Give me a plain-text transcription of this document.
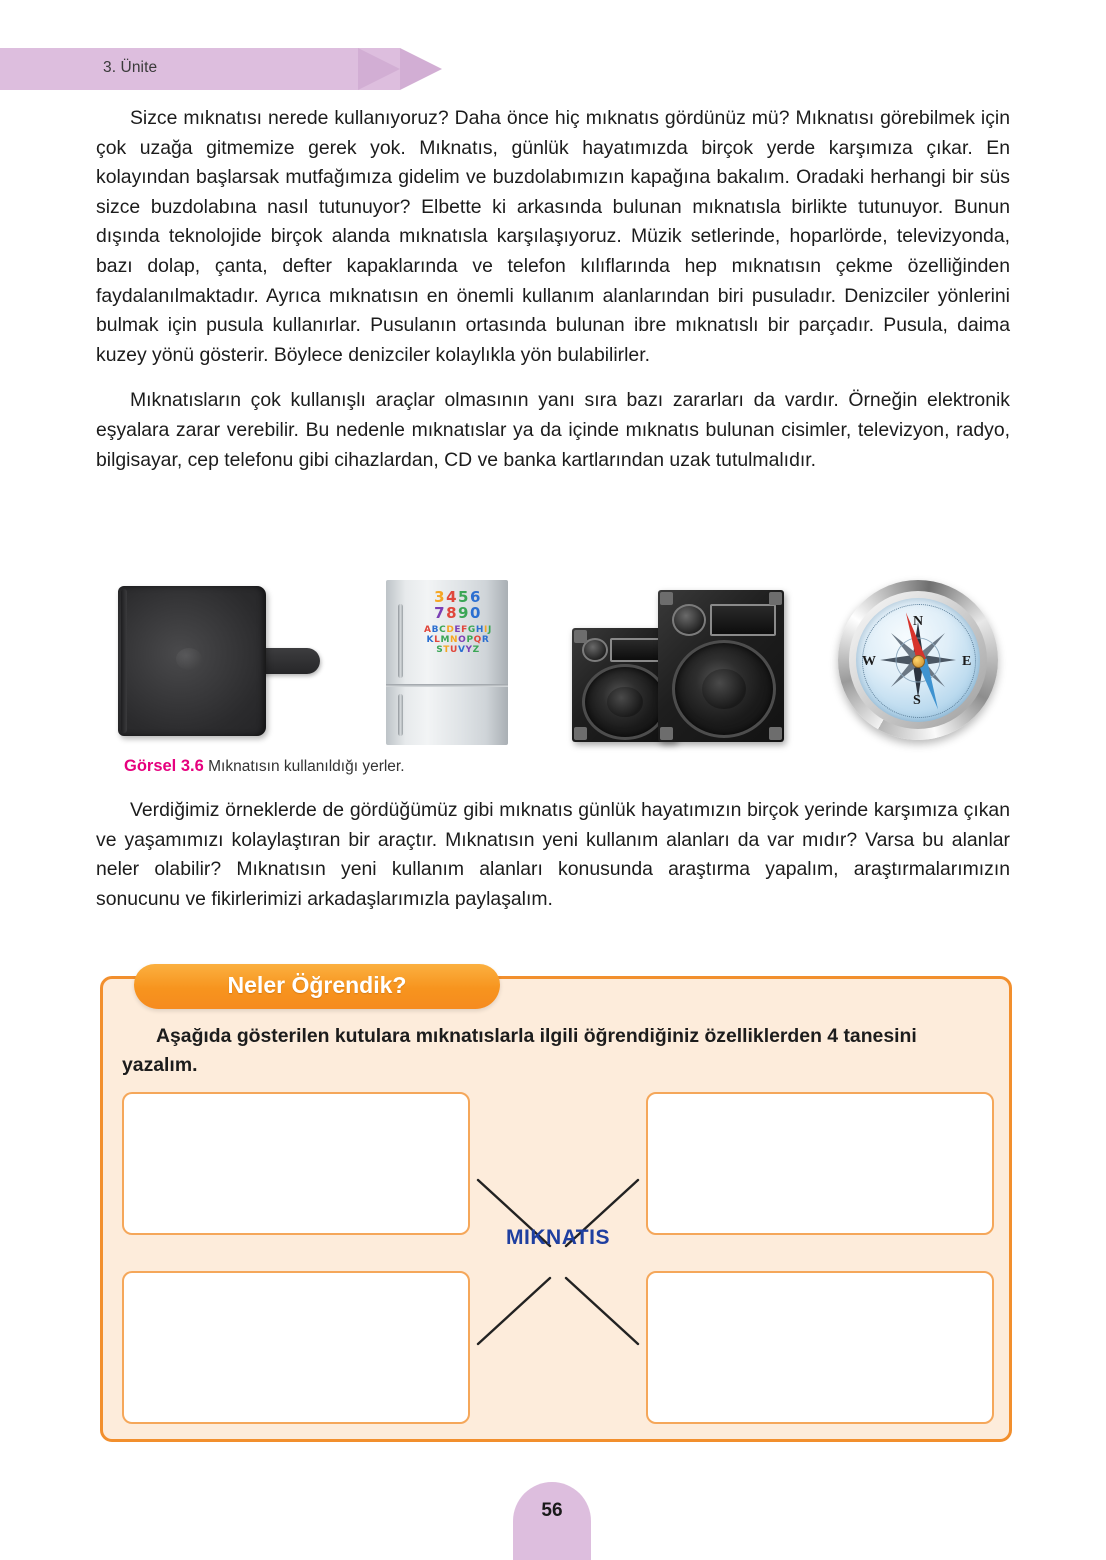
3. Ünite

Sizce mıknatısı nerede kullanıyoruz? Daha önce hiç mıknatıs gördünüz mü? Mıknatısı görebilmek için çok uzağa gitmemize gerek yok. Mıknatıs, günlük hayatımızda birçok yerde karşımıza çıkar. En kolayından başlarsak mutfağımıza gidelim ve buzdolabımızın kapağına bakalım. Oradaki herhangi bir süs sizce buzdolabına nasıl tutunuyor? Elbette ki arkasında bulunan mıknatısla birlikte tutunuyor. Bunun dışında teknolojide birçok alanda mıknatısla karşılaşıyoruz. Müzik setlerinde, hoparlörde, televizyonda, bazı dolap, çanta, defter kapaklarında ve telefon kılıflarında hep mıknatısın çekme özelliğinden faydalanılmaktadır. Ayrıca mıknatısın en önemli kullanım alanlarından biri pusuladır. Denizciler yönlerini bulmak için pusula kullanırlar. Pusulanın ortasında bulunan ibre mıknatıslı bir parçadır. Pusula, daima kuzey yönü gösterir. Böylece denizciler kolaylıkla yön bulabilirler.

Mıknatısların çok kullanışlı araçlar olmasının yanı sıra bazı zararları da vardır. Örneğin elektronik eşyalara zarar verebilir. Bu nedenle mıknatıslar ya da içinde mıknatıs bulunan cisimler, televizyon, radyo, bilgisayar, cep telefonu gibi cihazlardan, CD ve banka kartlarından uzak tutulmalıdır.

3456
7890
ABCDEFGHIJ
KLMNOPQR
STUVYZ
N
E
S
W
Görsel 3.6 Mıknatısın kullanıldığı yerler.

Verdiğimiz örneklerde de gördüğümüz gibi mıknatıs günlük hayatımızın birçok yerinde karşımıza çıkan ve yaşamımızı kolaylaştıran bir araçtır. Mıknatısın yeni kullanım alanları da var mıdır? Varsa bu alanlar neler olabilir? Mıknatısın yeni kullanım alanları konusunda araştırma yapalım, araştırmalarımızın sonucunu ve fikirlerimizi arkadaşlarımızla paylaşalım.

Neler Öğrendik?
Aşağıda gösterilen kutulara mıknatıslarla ilgili öğrendiğiniz özelliklerden 4 tanesini yazalım.
MIKNATIS
56
